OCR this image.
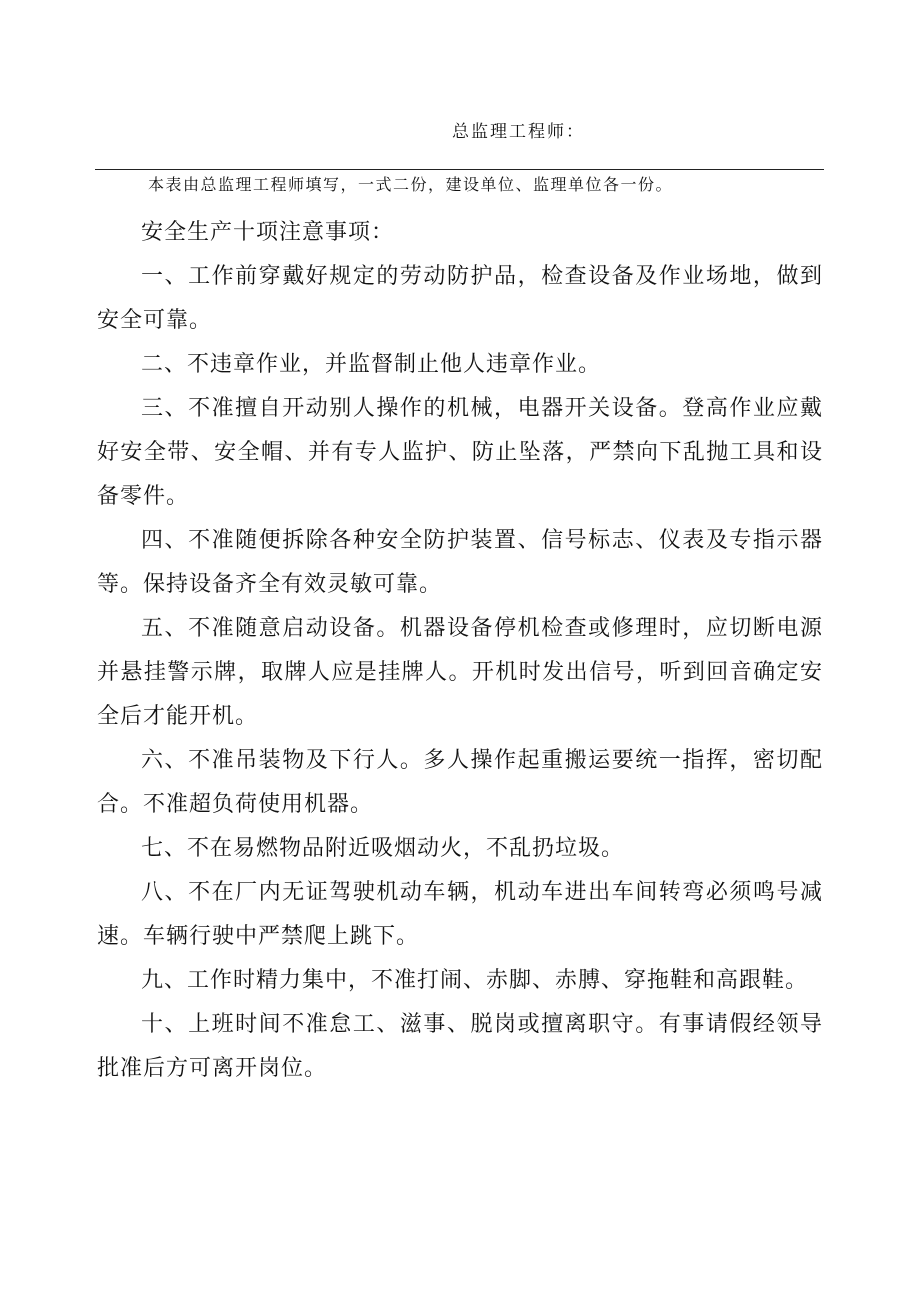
总监理工程师：
本表由总监理工程师填写，一式二份，建设单位、监理单位各一份。

安全生产十项注意事项：

一、工作前穿戴好规定的劳动防护品，检查设备及作业场地，做到安全可靠。

二、不违章作业，并监督制止他人违章作业。

三、不准擅自开动别人操作的机械，电器开关设备。登高作业应戴好安全带、安全帽、并有专人监护、防止坠落，严禁向下乱抛工具和设备零件。

四、不准随便拆除各种安全防护装置、信号标志、仪表及专指示器等。保持设备齐全有效灵敏可靠。

五、不准随意启动设备。机器设备停机检查或修理时，应切断电源并悬挂警示牌，取牌人应是挂牌人。开机时发出信号，听到回音确定安全后才能开机。

六、不准吊装物及下行人。多人操作起重搬运要统一指挥，密切配合。不准超负荷使用机器。

七、不在易燃物品附近吸烟动火，不乱扔垃圾。

八、不在厂内无证驾驶机动车辆，机动车进出车间转弯必须鸣号减速。车辆行驶中严禁爬上跳下。

九、工作时精力集中，不准打闹、赤脚、赤膊、穿拖鞋和高跟鞋。

十、上班时间不准怠工、滋事、脱岗或擅离职守。有事请假经领导批准后方可离开岗位。
